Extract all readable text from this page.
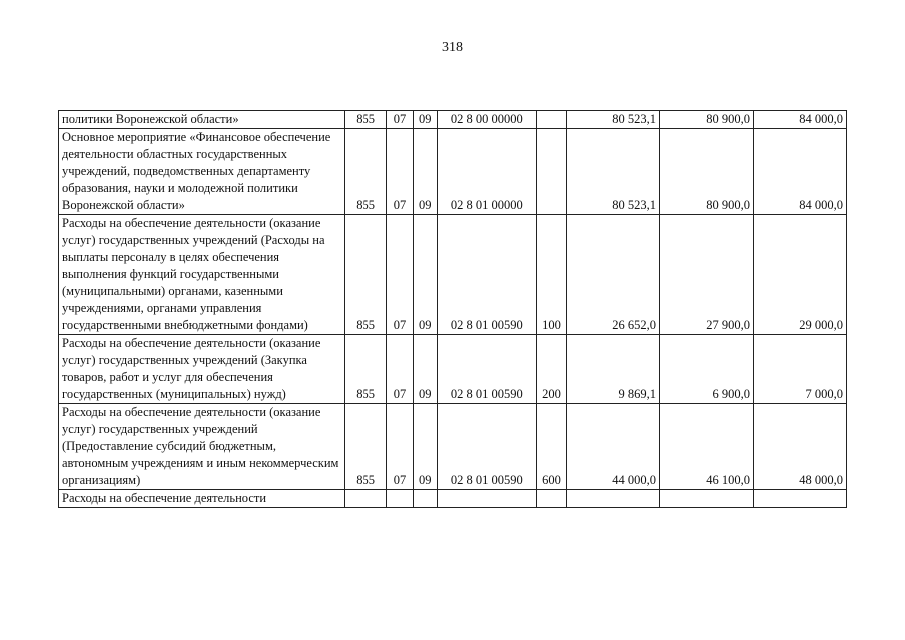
318
политики Воронежской области»	855	07	09	02 8 00 00000		80 523,1	80 900,0	84 000,0
Основное мероприятие «Финансовое обеспечение деятельности областных государственных учреждений, подведомственных департаменту образования, науки и молодежной политики Воронежской области»	855	07	09	02 8 01 00000		80 523,1	80 900,0	84 000,0
Расходы на обеспечение деятельности (оказание услуг) государственных учреждений (Расходы на выплаты персоналу в целях обеспечения выполнения функций государственными (муниципальными) органами, казенными учреждениями, органами управления государственными внебюджетными фондами)	855	07	09	02 8 01 00590	100	26 652,0	27 900,0	29 000,0
Расходы на обеспечение деятельности (оказание услуг) государственных учреждений (Закупка товаров, работ и услуг для обеспечения государственных (муниципальных) нужд)	855	07	09	02 8 01 00590	200	9 869,1	6 900,0	7 000,0
Расходы на обеспечение деятельности (оказание услуг) государственных учреждений (Предоставление субсидий бюджетным, автономным учреждениям и иным некоммерческим организациям)	855	07	09	02 8 01 00590	600	44 000,0	46 100,0	48 000,0
Расходы на обеспечение деятельности								
